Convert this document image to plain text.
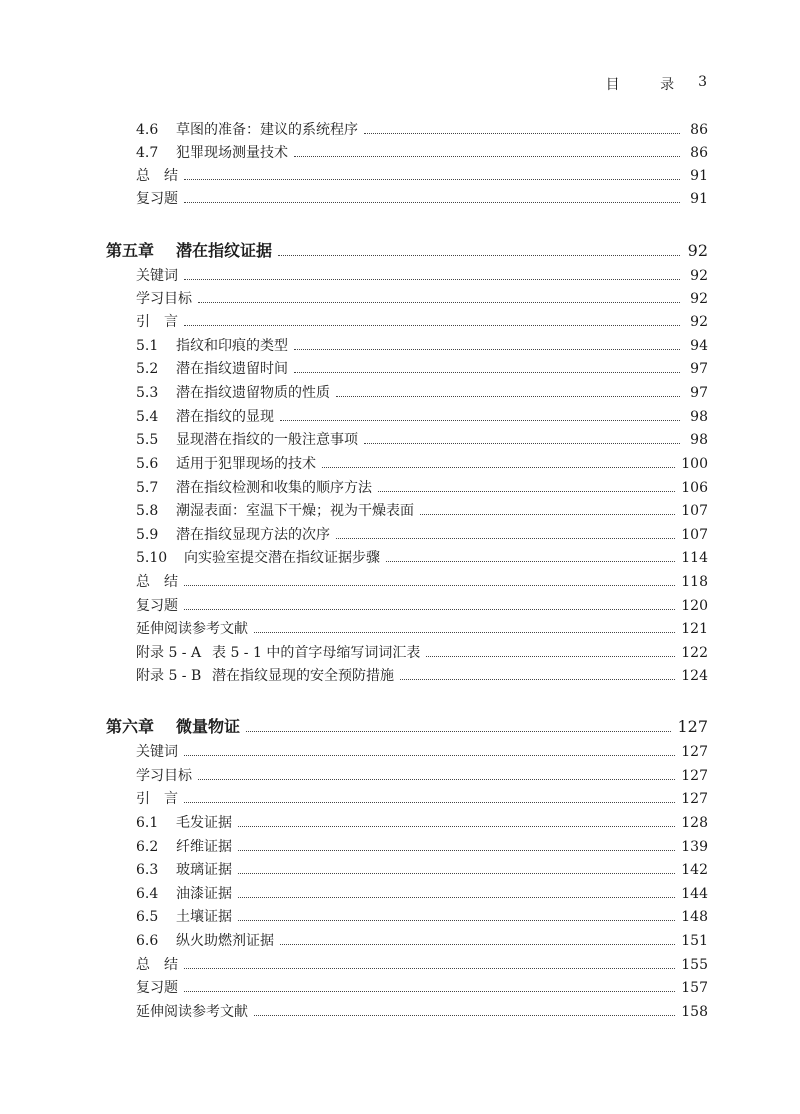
目 录 3
4.6	草图的准备：建议的系统程序	86
4.7	犯罪现场测量技术	86
总　结	91
复习题	91
第五章	潜在指纹证据	92
关键词	92
学习目标	92
引　言	92
5.1	指纹和印痕的类型	94
5.2	潜在指纹遗留时间	97
5.3	潜在指纹遗留物质的性质	97
5.4	潜在指纹的显现	98
5.5	显现潜在指纹的一般注意事项	98
5.6	适用于犯罪现场的技术	100
5.7	潜在指纹检测和收集的顺序方法	106
5.8	潮湿表面：室温下干燥；视为干燥表面	107
5.9	潜在指纹显现方法的次序	107
5.10	向实验室提交潜在指纹证据步骤	114
总　结	118
复习题	120
延伸阅读参考文献	121
附录 5 - A 表 5 - 1 中的首字母缩写词词汇表	122
附录 5 - B 潜在指纹显现的安全预防措施	124
第六章	微量物证	127
关键词	127
学习目标	127
引　言	127
6.1	毛发证据	128
6.2	纤维证据	139
6.3	玻璃证据	142
6.4	油漆证据	144
6.5	土壤证据	148
6.6	纵火助燃剂证据	151
总　结	155
复习题	157
延伸阅读参考文献	158
